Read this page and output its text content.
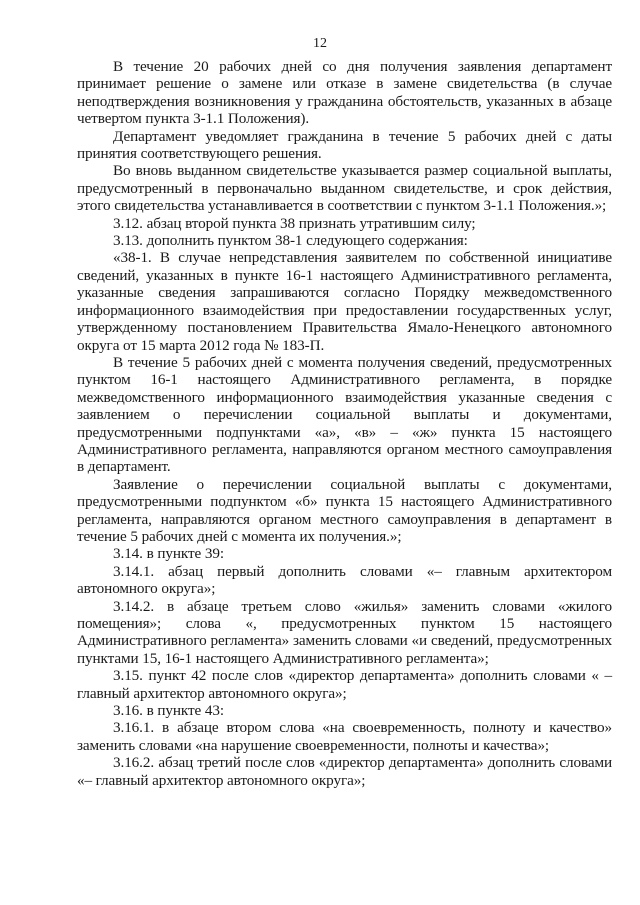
12

В течение 20 рабочих дней со дня получения заявления департамент принимает решение о замене или отказе в замене свидетельства (в случае неподтверждения возникновения у гражданина обстоятельств, указанных в абзаце четвертом пункта 3-1.1 Положения).

Департамент уведомляет гражданина в течение 5 рабочих дней с даты принятия соответствующего решения.

Во вновь выданном свидетельстве указывается размер социальной выплаты, предусмотренный в первоначально выданном свидетельстве, и срок действия, этого свидетельства устанавливается в соответствии с пунктом 3-1.1 Положения.»;

3.12. абзац второй пункта 38 признать утратившим силу;

3.13. дополнить пунктом 38-1 следующего содержания:

«38-1. В случае непредставления заявителем по собственной инициативе сведений, указанных в пункте 16-1 настоящего Административного регламента, указанные сведения запрашиваются согласно Порядку межведомственного информационного взаимодействия при предоставлении государственных услуг, утвержденному постановлением Правительства Ямало-Ненецкого автономного округа от 15 марта 2012 года № 183-П.

В течение 5 рабочих дней с момента получения сведений, предусмотренных пунктом 16-1 настоящего Административного регламента, в порядке межведомственного информационного взаимодействия указанные сведения с заявлением о перечислении социальной выплаты и документами, предусмотренными подпунктами «а», «в» – «ж» пункта 15 настоящего Административного регламента, направляются органом местного самоуправления в департамент.

Заявление о перечислении социальной выплаты с документами, предусмотренными подпунктом «б» пункта 15 настоящего Административного регламента, направляются органом местного самоуправления в департамент в течение 5 рабочих дней с момента их получения.»;

3.14. в пункте 39:

3.14.1. абзац первый дополнить словами «– главным архитектором автономного округа»;

3.14.2. в абзаце третьем слово «жилья» заменить словами «жилого помещения»; слова «, предусмотренных пунктом 15 настоящего Административного регламента» заменить словами «и сведений, предусмотренных пунктами 15, 16-1 настоящего Административного регламента»;

3.15. пункт 42 после слов «директор департамента» дополнить словами « – главный архитектор автономного округа»;

3.16. в пункте 43:

3.16.1. в абзаце втором слова «на своевременность, полноту и качество» заменить словами «на нарушение своевременности, полноты и качества»;

3.16.2. абзац третий после слов «директор департамента» дополнить словами «– главный архитектор автономного округа»;
